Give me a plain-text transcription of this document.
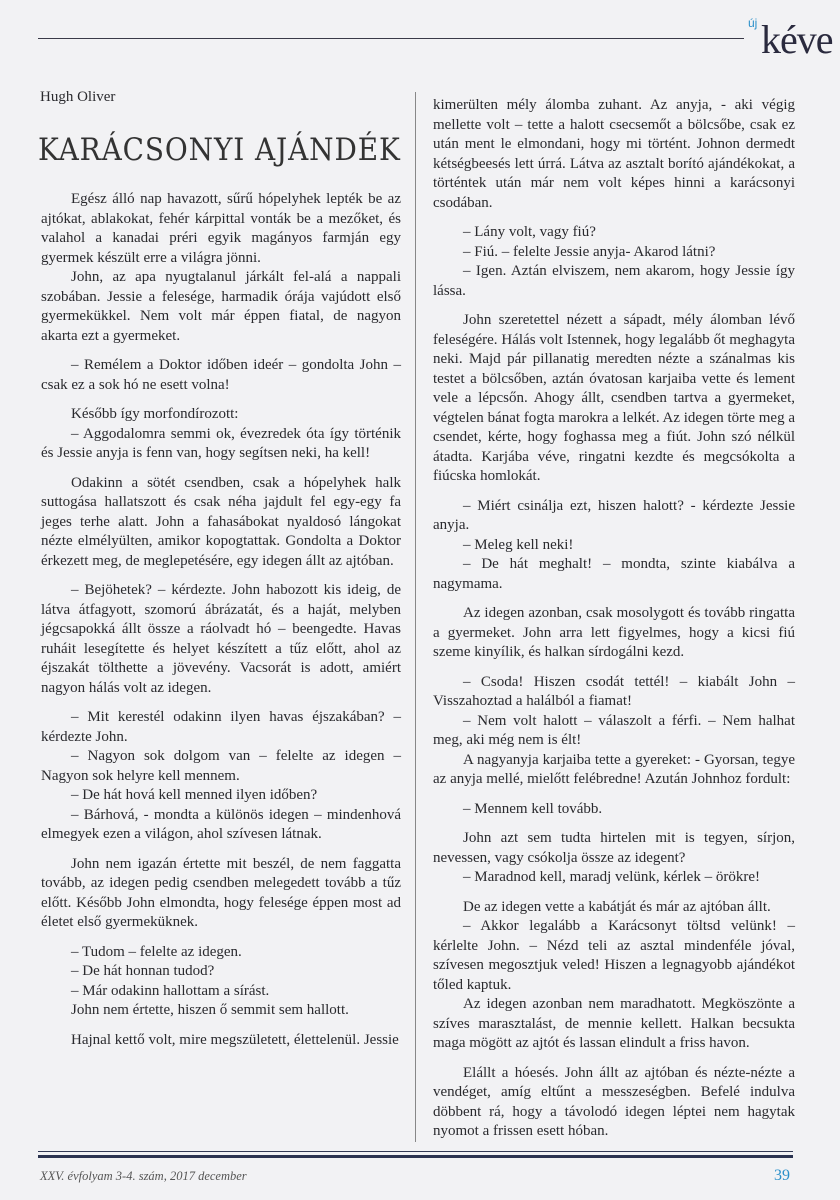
új kéve
Hugh Oliver
KARÁCSONYI AJÁNDÉK

Egész álló nap havazott, sűrű hópelyhek lepték be az ajtókat, ablakokat, fehér kárpittal vonták be a mezőket, és valahol a kanadai préri egyik magányos farmján egy gyermek készült erre a világra jönni.

John, az apa nyugtalanul járkált fel-alá a nappali szobában. Jessie a felesége, harmadik órája vajúdott első gyermekükkel. Nem volt már éppen fiatal, de nagyon akarta ezt a gyermeket.

– Remélem a Doktor időben ideér – gondolta John – csak ez a sok hó ne esett volna!

Később így morfondírozott:

– Aggodalomra semmi ok, évezredek óta így történik és Jessie anyja is fenn van, hogy segítsen neki, ha kell!

Odakinn a sötét csendben, csak a hópelyhek halk suttogása hallatszott és csak néha jajdult fel egy-egy fa jeges terhe alatt. John a fahasábokat nyaldosó lángokat nézte elmélyülten, amikor kopogtattak. Gondolta a Doktor érkezett meg, de meglepetésére, egy idegen állt az ajtóban.

– Bejöhetek? – kérdezte. John habozott kis ideig, de látva átfagyott, szomorú ábrázatát, és a haját, melyben jégcsapokká állt össze a ráolvadt hó – beengedte. Havas ruháit lesegítette és helyet készített a tűz előtt, ahol az éjszakát tölthette a jövevény. Vacsorát is adott, amiért nagyon hálás volt az idegen.

– Mit kerestél odakinn ilyen havas éjszakában? – kérdezte John.

– Nagyon sok dolgom van – felelte az idegen – Nagyon sok helyre kell mennem.

– De hát hová kell menned ilyen időben?

– Bárhová, - mondta a különös idegen – mindenhová elmegyek ezen a világon, ahol szívesen látnak.

John nem igazán értette mit beszél, de nem faggatta tovább, az idegen pedig csendben melegedett tovább a tűz előtt. Később John elmondta, hogy felesége éppen most ad életet első gyermeküknek.

– Tudom – felelte az idegen.

– De hát honnan tudod?

– Már odakinn hallottam a sírást.

John nem értette, hiszen ő semmit sem hallott.

Hajnal kettő volt, mire megszületett, élettelenül. Jessie

kimerülten mély álomba zuhant. Az anyja, - aki végig mellette volt – tette a halott csecsemőt a bölcsőbe, csak ez után ment le elmondani, hogy mi történt. Johnon dermedt kétségbeesés lett úrrá. Látva az asztalt borító ajándékokat, a történtek után már nem volt képes hinni a karácsonyi csodában.

– Lány volt, vagy fiú?

– Fiú. – felelte Jessie anyja- Akarod látni?

– Igen. Aztán elviszem, nem akarom, hogy Jessie így lássa.

John szeretettel nézett a sápadt, mély álomban lévő feleségére. Hálás volt Istennek, hogy legalább őt meghagyta neki. Majd pár pillanatig meredten nézte a szánalmas kis testet a bölcsőben, aztán óvatosan karjaiba vette és lement vele a lépcsőn. Ahogy állt, csendben tartva a gyermeket, végtelen bánat fogta marokra a lelkét. Az idegen törte meg a csendet, kérte, hogy foghassa meg a fiút. John szó nélkül átadta. Karjába véve, ringatni kezdte és megcsókolta a fiúcska homlokát.

– Miért csinálja ezt, hiszen halott? - kérdezte Jessie anyja.

– Meleg kell neki!

– De hát meghalt! – mondta, szinte kiabálva a nagymama.

Az idegen azonban, csak mosolygott és tovább ringatta a gyermeket. John arra lett figyelmes, hogy a kicsi fiú szeme kinyílik, és halkan sírdogálni kezd.

– Csoda! Hiszen csodát tettél! – kiabált John – Visszahoztad a halálból a fiamat!

– Nem volt halott – válaszolt a férfi. – Nem halhat meg, aki még nem is élt!

A nagyanyja karjaiba tette a gyereket: - Gyorsan, tegye az anyja mellé, mielőtt felébredne! Azután Johnhoz fordult:

– Mennem kell tovább.

John azt sem tudta hirtelen mit is tegyen, sírjon, nevessen, vagy csókolja össze az idegent?

– Maradnod kell, maradj velünk, kérlek – örökre!

De az idegen vette a kabátját és már az ajtóban állt.

– Akkor legalább a Karácsonyt töltsd velünk! – kérlelte John. – Nézd teli az asztal mindenféle jóval, szívesen megosztjuk veled! Hiszen a legnagyobb ajándékot tőled kaptuk.

Az idegen azonban nem maradhatott. Megköszönte a szíves marasztalást, de mennie kellett. Halkan becsukta maga mögött az ajtót és lassan elindult a friss havon.

Elállt a hóesés. John állt az ajtóban és nézte-nézte a vendéget, amíg eltűnt a messzeségben. Befelé indulva döbbent rá, hogy a távolodó idegen léptei nem hagytak nyomot a frissen esett hóban.

XXV. évfolyam 3-4. szám, 2017 december	39
